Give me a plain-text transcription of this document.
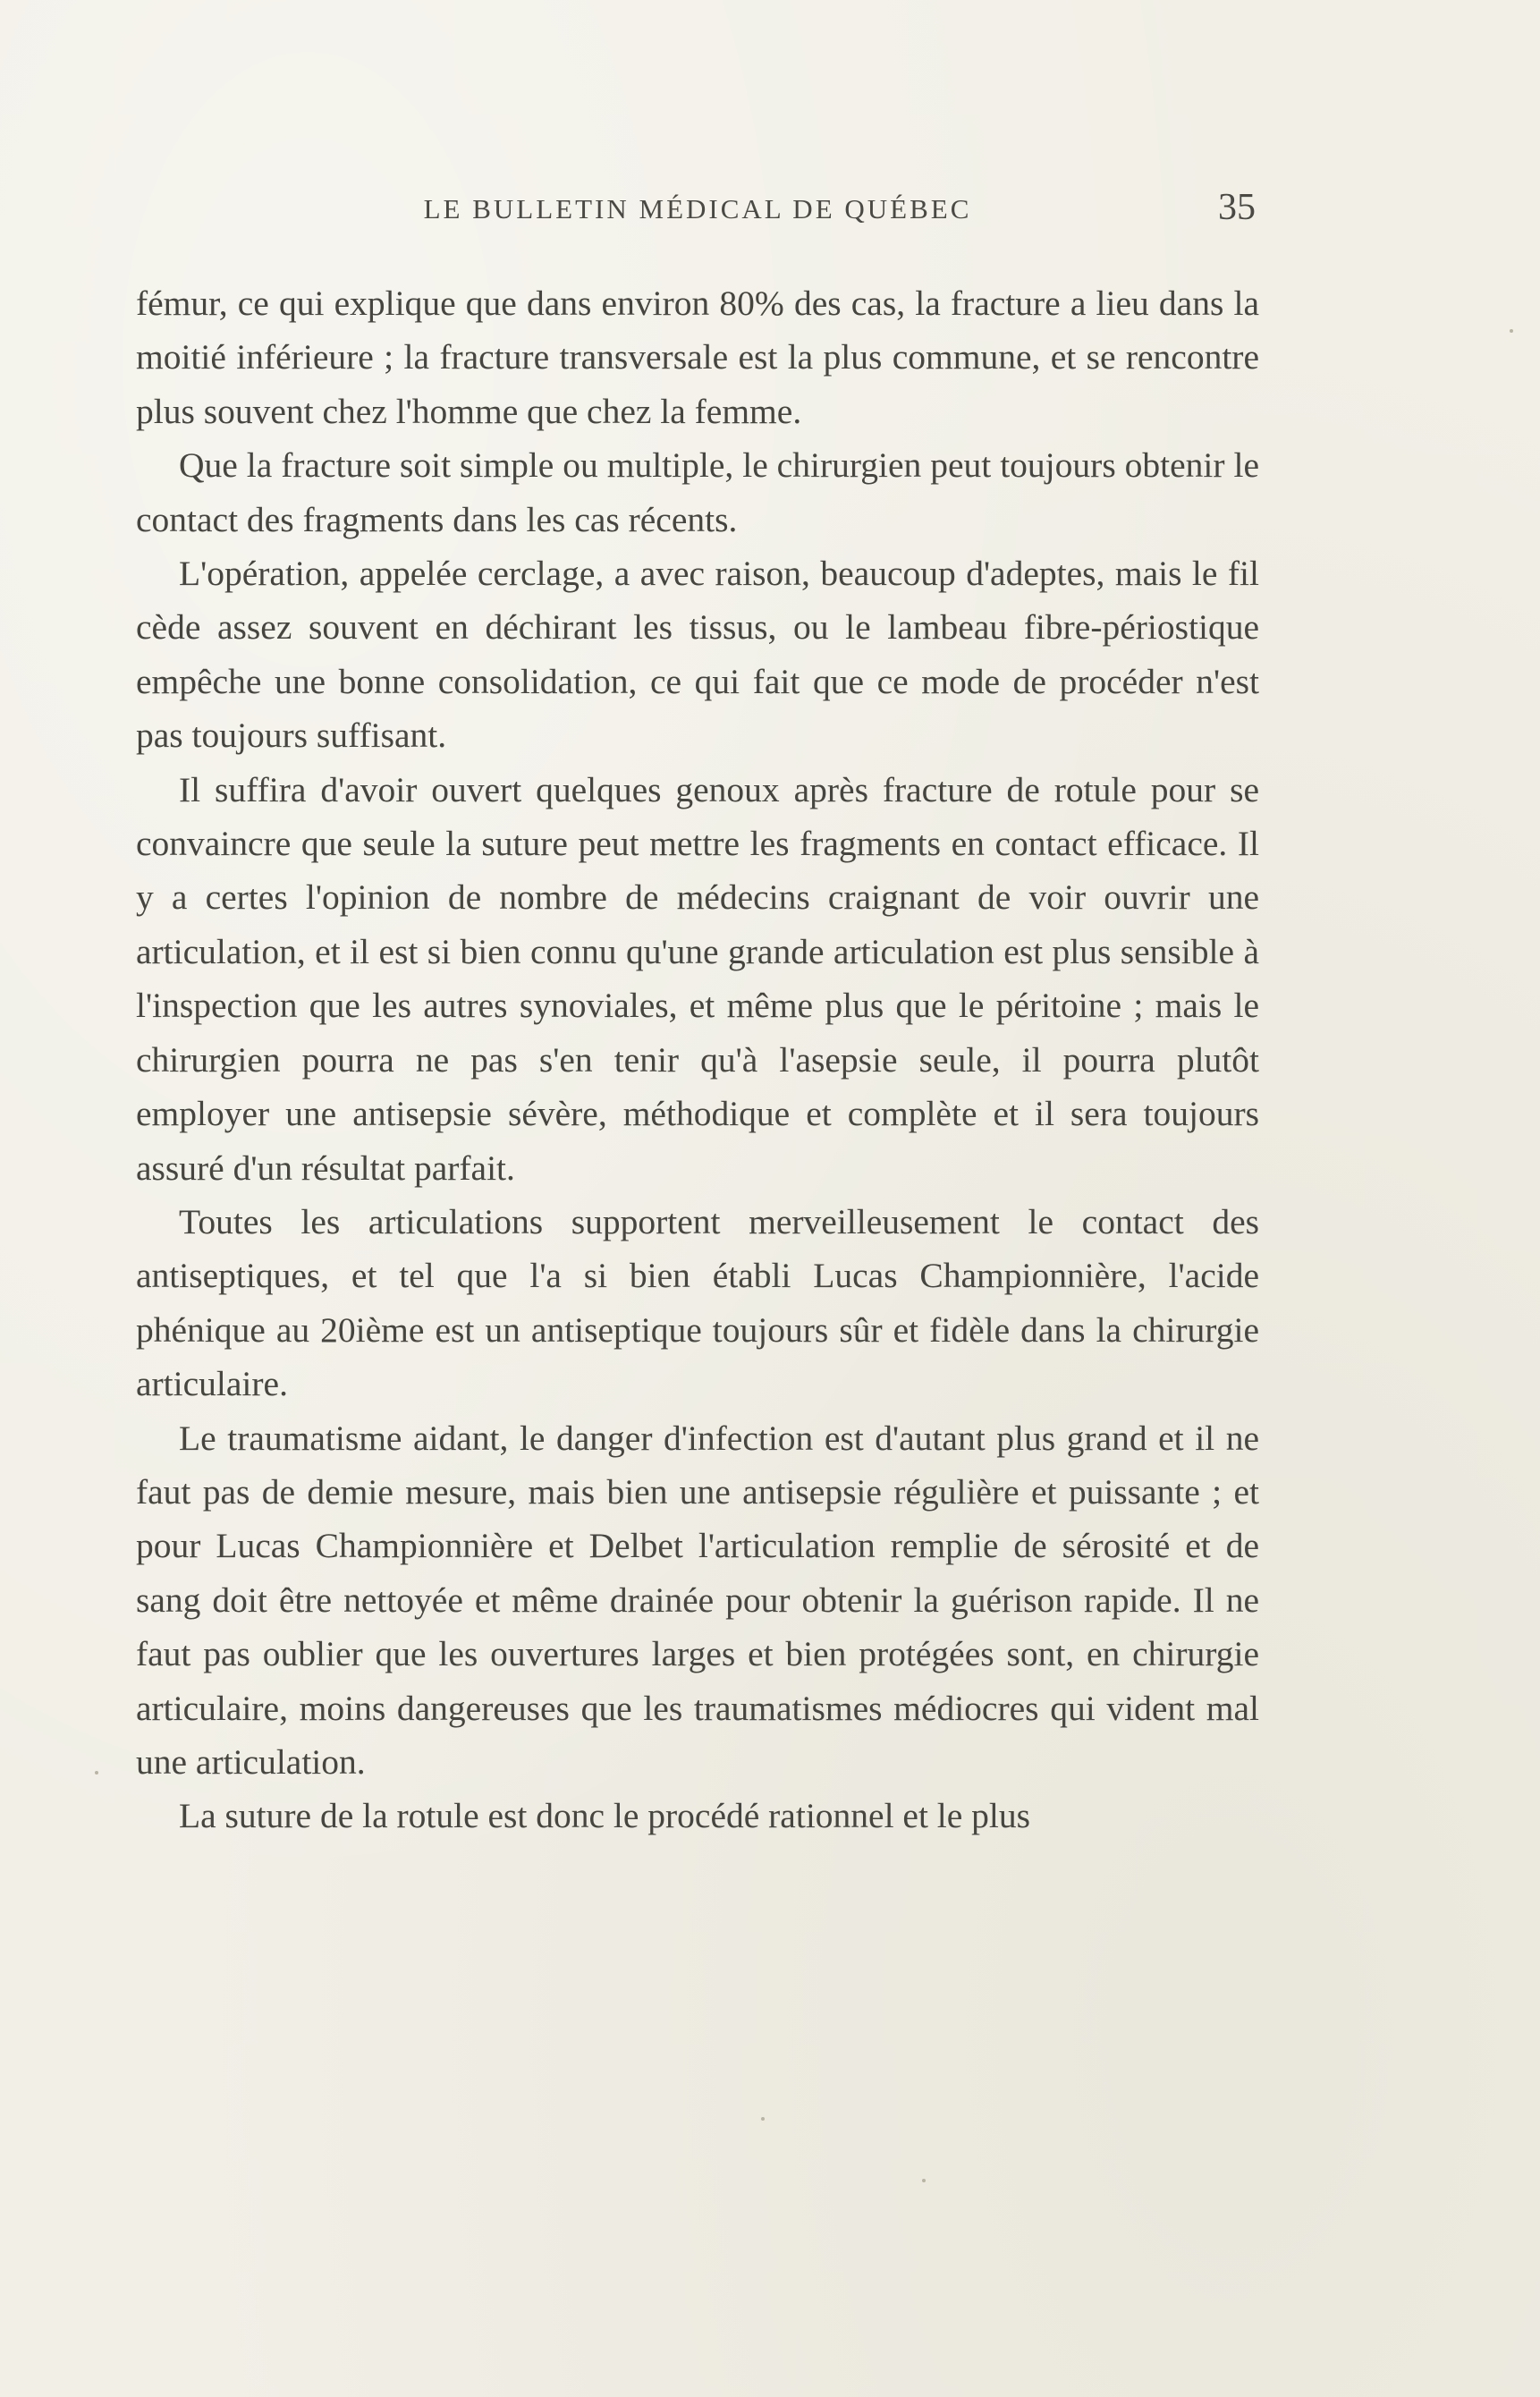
LE BULLETIN MÉDICAL DE QUÉBEC	35

fémur, ce qui explique que dans environ 80% des cas, la fracture a lieu dans la moitié inférieure ; la fracture transversale est la plus commune, et se rencontre plus souvent chez l'homme que chez la femme.

Que la fracture soit simple ou multiple, le chirurgien peut toujours obtenir le contact des fragments dans les cas récents.

L'opération, appelée cerclage, a avec raison, beaucoup d'adeptes, mais le fil cède assez souvent en déchirant les tissus, ou le lambeau fibre-périostique empêche une bonne consolidation, ce qui fait que ce mode de procéder n'est pas toujours suffisant.

Il suffira d'avoir ouvert quelques genoux après fracture de rotule pour se convaincre que seule la suture peut mettre les fragments en contact efficace. Il y a certes l'opinion de nombre de médecins craignant de voir ouvrir une articulation, et il est si bien connu qu'une grande articulation est plus sensible à l'inspection que les autres synoviales, et même plus que le péritoine ; mais le chirurgien pourra ne pas s'en tenir qu'à l'asepsie seule, il pourra plutôt employer une antisepsie sévère, méthodique et complète et il sera toujours assuré d'un résultat parfait.

Toutes les articulations supportent merveilleusement le contact des antiseptiques, et tel que l'a si bien établi Lucas Championnière, l'acide phénique au 20ième est un antiseptique toujours sûr et fidèle dans la chirurgie articulaire.

Le traumatisme aidant, le danger d'infection est d'autant plus grand et il ne faut pas de demie mesure, mais bien une antisepsie régulière et puissante ; et pour Lucas Championnière et Delbet l'articulation remplie de sérosité et de sang doit être nettoyée et même drainée pour obtenir la guérison rapide. Il ne faut pas oublier que les ouvertures larges et bien protégées sont, en chirurgie articulaire, moins dangereuses que les traumatismes médiocres qui vident mal une articulation.

La suture de la rotule est donc le procédé rationnel et le plus
